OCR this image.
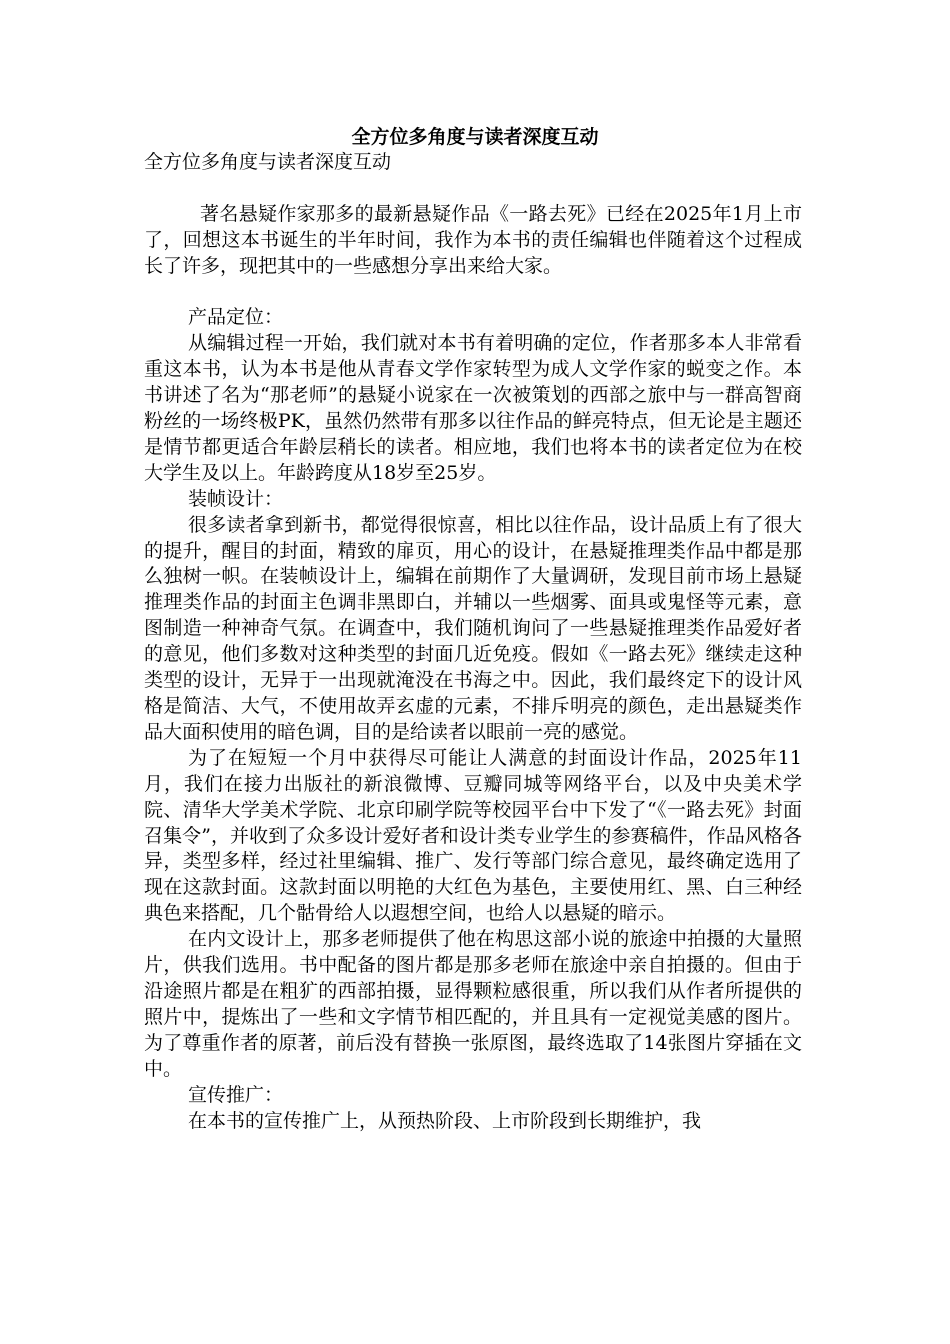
全方位多角度与读者深度互动

全方位多角度与读者深度互动

著名悬疑作家那多的最新悬疑作品《一路去死》已经在2025年1月上市了，回想这本书诞生的半年时间，我作为本书的责任编辑也伴随着这个过程成长了许多，现把其中的一些感想分享出来给大家。

产品定位：

从编辑过程一开始，我们就对本书有着明确的定位，作者那多本人非常看重这本书，认为本书是他从青春文学作家转型为成人文学作家的蜕变之作。本书讲述了名为“那老师”的悬疑小说家在一次被策划的西部之旅中与一群高智商粉丝的一场终极PK，虽然仍然带有那多以往作品的鲜亮特点，但无论是主题还是情节都更适合年龄层稍长的读者。相应地，我们也将本书的读者定位为在校大学生及以上。年龄跨度从18岁至25岁。

装帧设计：

很多读者拿到新书，都觉得很惊喜，相比以往作品，设计品质上有了很大的提升，醒目的封面，精致的扉页，用心的设计，在悬疑推理类作品中都是那么独树一帜。在装帧设计上，编辑在前期作了大量调研，发现目前市场上悬疑推理类作品的封面主色调非黑即白，并辅以一些烟雾、面具或鬼怪等元素，意图制造一种神奇气氛。在调查中，我们随机询问了一些悬疑推理类作品爱好者的意见，他们多数对这种类型的封面几近免疫。假如《一路去死》继续走这种类型的设计，无异于一出现就淹没在书海之中。因此，我们最终定下的设计风格是简洁、大气，不使用故弄玄虚的元素，不排斥明亮的颜色，走出悬疑类作品大面积使用的暗色调，目的是给读者以眼前一亮的感觉。

为了在短短一个月中获得尽可能让人满意的封面设计作品，2025年11月，我们在接力出版社的新浪微博、豆瓣同城等网络平台，以及中央美术学院、清华大学美术学院、北京印刷学院等校园平台中下发了“《一路去死》封面召集令”，并收到了众多设计爱好者和设计类专业学生的参赛稿件，作品风格各异，类型多样，经过社里编辑、推广、发行等部门综合意见，最终确定选用了现在这款封面。这款封面以明艳的大红色为基色，主要使用红、黑、白三种经典色来搭配，几个骷骨给人以遐想空间，也给人以悬疑的暗示。

在内文设计上，那多老师提供了他在构思这部小说的旅途中拍摄的大量照片，供我们选用。书中配备的图片都是那多老师在旅途中亲自拍摄的。但由于沿途照片都是在粗犷的西部拍摄，显得颗粒感很重，所以我们从作者所提供的照片中，提炼出了一些和文字情节相匹配的，并且具有一定视觉美感的图片。为了尊重作者的原著，前后没有替换一张原图，最终选取了14张图片穿插在文中。

宣传推广：

在本书的宣传推广上，从预热阶段、上市阶段到长期维护，我
